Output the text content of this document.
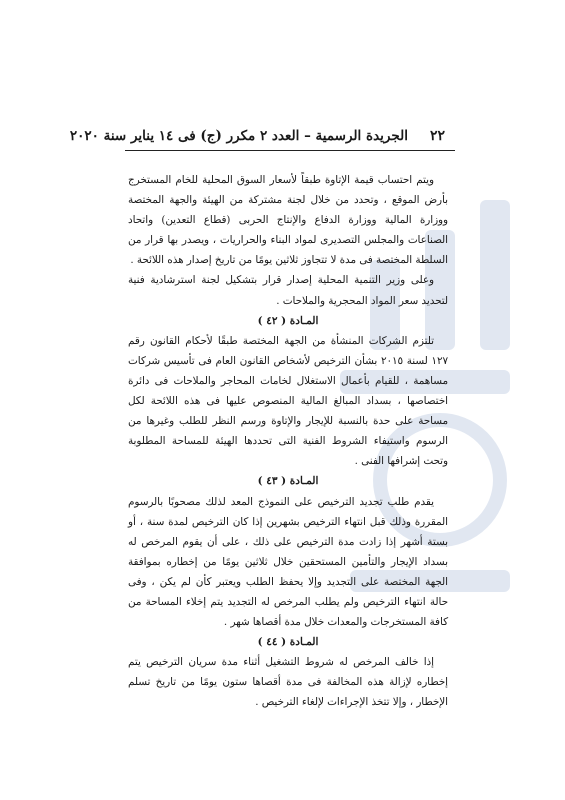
٢٢
الجريدة الرسمية – العدد ٢ مكرر (ج) فى ١٤ يناير سنة ٢٠٢٠

ويتم احتساب قيمة الإتاوة طبقاً لأسعار السوق المحلية للخام المستخرج بأرض الموقع ، وتحدد من خلال لجنة مشتركة من الهيئة والجهة المختصة ووزارة المالية ووزارة الدفاع والإنتاج الحربى (قطاع التعدين) واتحاد الصناعات والمجلس التصديرى لمواد البناء والحراريات ، ويصدر بها قرار من السلطة المختصة فى مدة لا تتجاوز ثلاثين يومًا من تاريخ إصدار هذه اللائحة .

وعلى وزير التنمية المحلية إصدار قرار بتشكيل لجنة استرشادية فنية لتحديد سعر المواد المحجرية والملاحات .

المـادة ( ٤٢ )

تلتزم الشركات المنشأة من الجهة المختصة طبقًا لأحكام القانون رقم ١٢٧ لسنة ٢٠١٥ بشأن الترخيص لأشخاص القانون العام فى تأسيس شركات مساهمة ، للقيام بأعمال الاستغلال لخامات المحاجر والملاحات فى دائرة اختصاصها ، بسداد المبالغ المالية المنصوص عليها فى هذه اللائحة لكل مساحة على حدة بالنسبة للإيجار والإتاوة ورسم النظر للطلب وغيرها من الرسوم واستيفاء الشروط الفنية التى تحددها الهيئة للمساحة المطلوبة وتحت إشرافها الفنى .

المـادة ( ٤٣ )

يقدم طلب تجديد الترخيص على النموذج المعد لذلك مصحوبًا بالرسوم المقررة وذلك قبل انتهاء الترخيص بشهرين إذا كان الترخيص لمدة سنة ، أو بستة أشهر إذا زادت مدة الترخيص على ذلك ، على أن يقوم المرخص له بسداد الإيجار والتأمين المستحقين خلال ثلاثين يومًا من إخطاره بموافقة الجهة المختصة على التجديد وإلا يحفظ الطلب ويعتبر كأن لم يكن ، وفى حالة انتهاء الترخيص ولم يطلب المرخص له التجديد يتم إخلاء المساحة من كافة المستخرجات والمعدات خلال مدة أقصاها شهر .

المـادة ( ٤٤ )

إذا خالف المرخص له شروط التشغيل أثناء مدة سريان الترخيص يتم إخطاره لإزالة هذه المخالفة فى مدة أقصاها ستون يومًا من تاريخ تسلم الإخطار ، وإلا تتخذ الإجراءات لإلغاء الترخيص .
